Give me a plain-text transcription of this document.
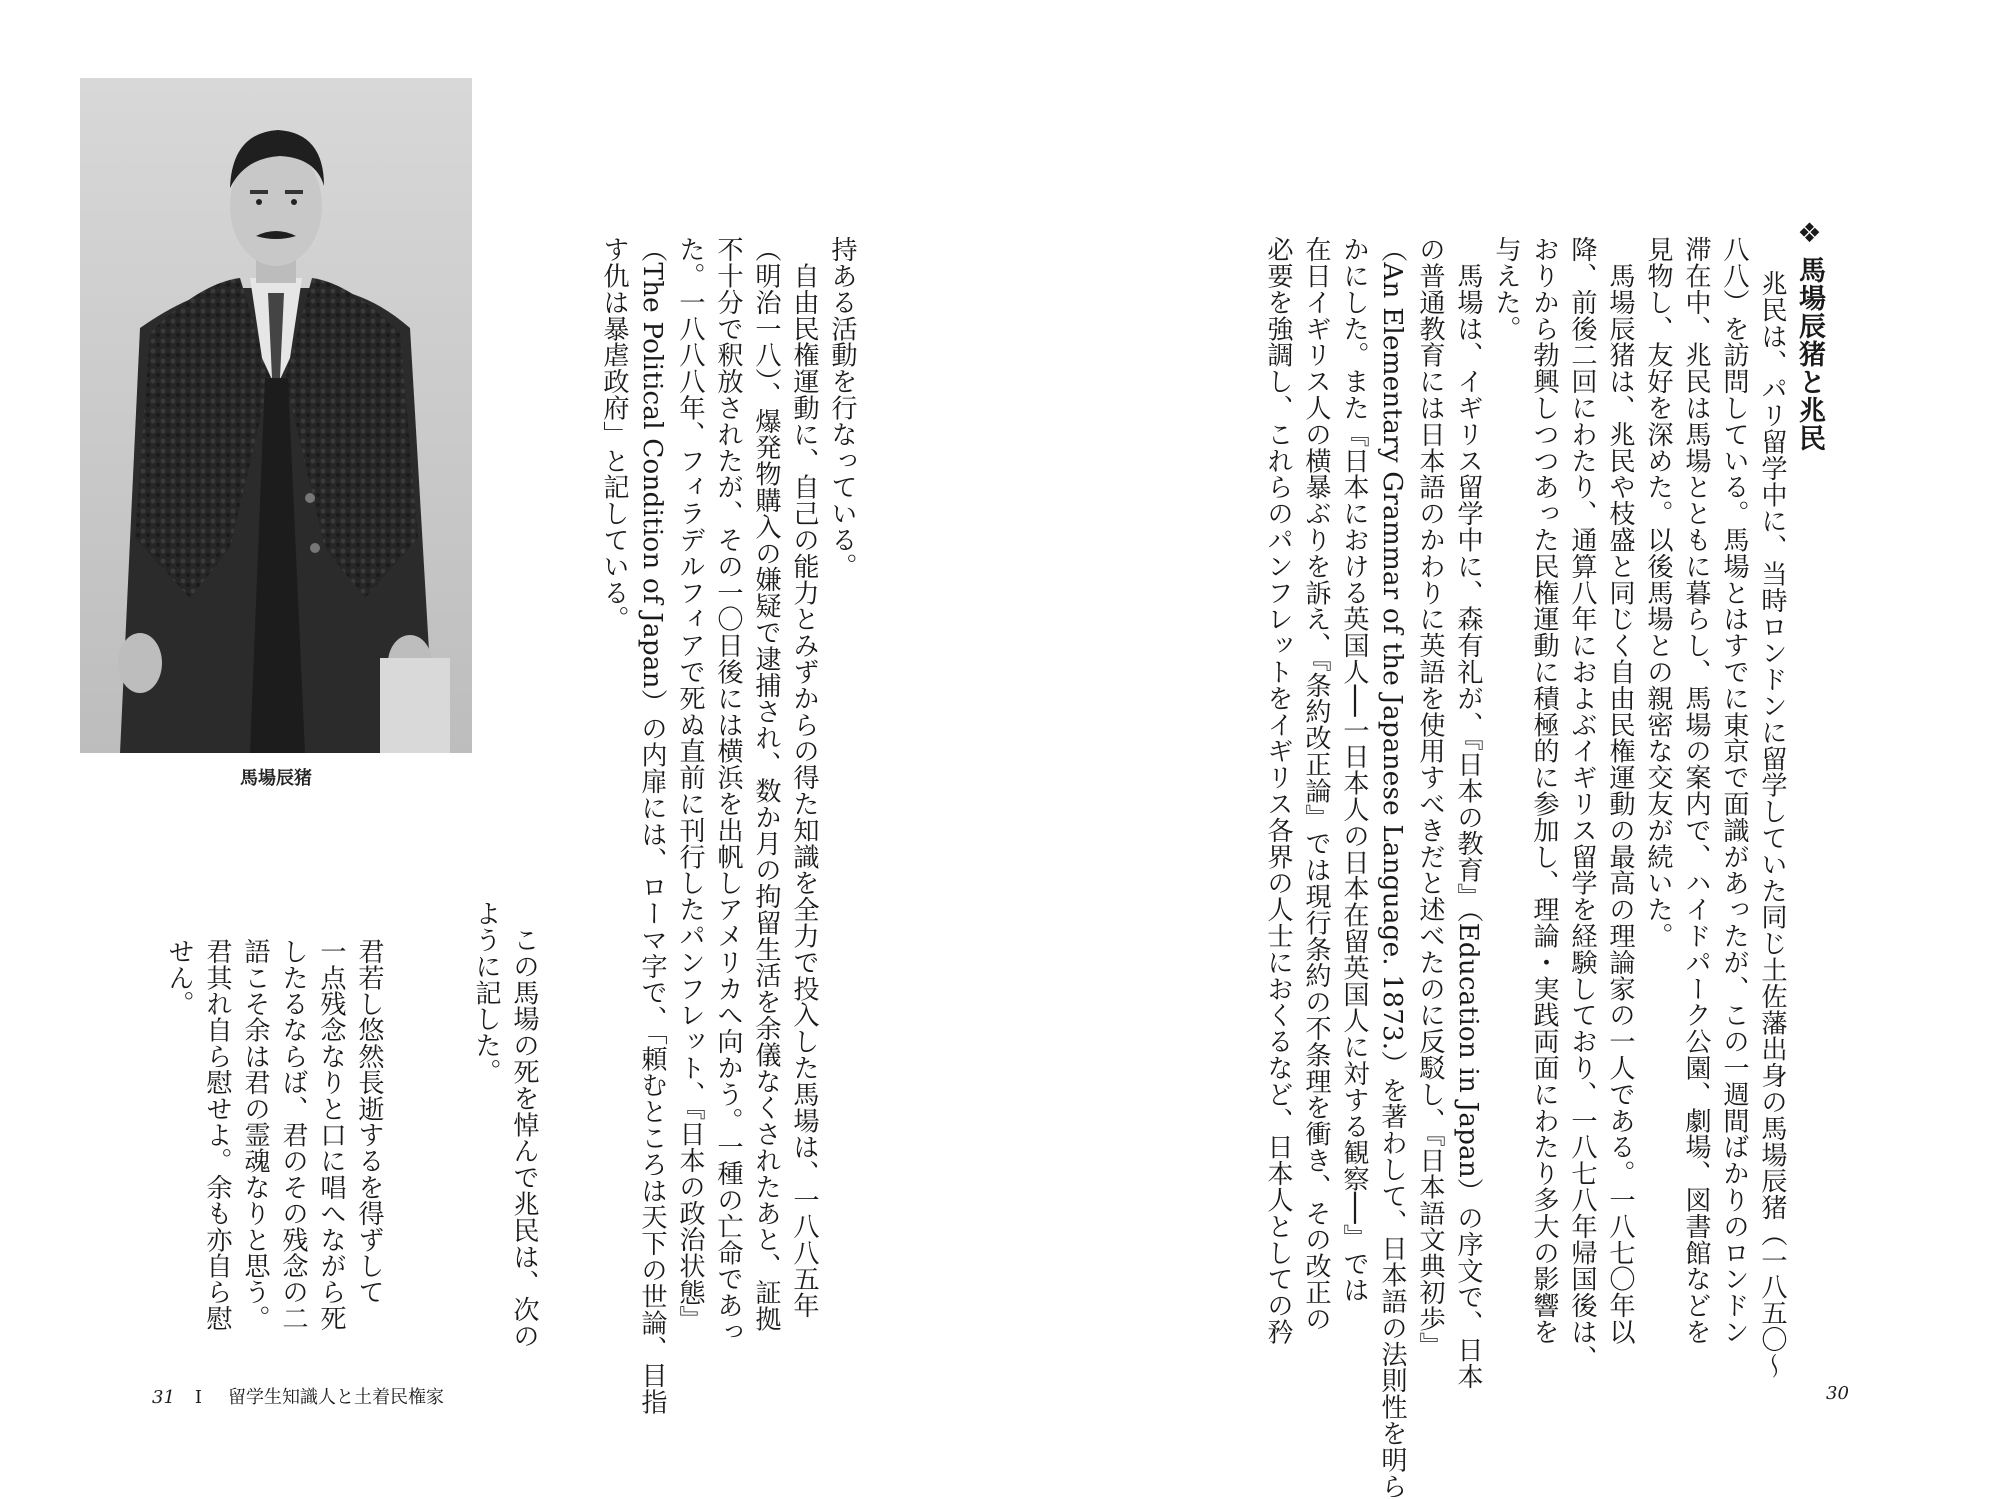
❖馬場辰猪と兆民
兆民は、パリ留学中に、当時ロンドンに留学していた同じ土佐藩出身の馬場辰猪（一八五〇〜
八八）を訪問している。馬場とはすでに東京で面識があったが、この一週間ばかりのロンドン
滞在中、兆民は馬場とともに暮らし、馬場の案内で、ハイドパーク公園、劇場、図書館などを
見物し、友好を深めた。以後馬場との親密な交友が続いた。
　馬場辰猪は、兆民や枝盛と同じく自由民権運動の最高の理論家の一人である。一八七〇年以
降、前後二回にわたり、通算八年におよぶイギリス留学を経験しており、一八七八年帰国後は、
おりから勃興しつつあった民権運動に積極的に参加し、理論・実践両面にわたり多大の影響を
与えた。
　馬場は、イギリス留学中に、森有礼が、『日本の教育』（Education in Japan）の序文で、日本
の普通教育には日本語のかわりに英語を使用すべきだと述べたのに反駁し、『日本語文典初歩』
（An Elementary Grammar of the Japanese Language. 1873.）を著わして、日本語の法則性を明ら
かにした。また『日本における英国人──一日本人の日本在留英国人に対する観察──』では
在日イギリス人の横暴ぶりを訴え、『条約改正論』では現行条約の不条理を衝き、その改正の
必要を強調し、これらのパンフレットをイギリス各界の人士におくるなど、日本人としての矜
持ある活動を行なっている。
　自由民権運動に、自己の能力とみずからの得た知識を全力で投入した馬場は、一八八五年
（明治一八）、爆発物購入の嫌疑で逮捕され、数か月の拘留生活を余儀なくされたあと、証拠
不十分で釈放されたが、その一〇日後には横浜を出帆しアメリカへ向かう。一種の亡命であっ
た。一八八八年、フィラデルフィアで死ぬ直前に刊行したパンフレット、『日本の政治状態』
（The Political Condition of Japan）の内扉には、ローマ字で、「頼むところは天下の世論、目指
す仇は暴虐政府」と記している。
　この馬場の死を悼んで兆民は、次の
ように記した。
馬場辰猪
君若し悠然長逝するを得ずして
一点残念なりと口に唱へながら死
したるならば、君のその残念の二
語こそ余は君の霊魂なりと思う。
君其れ自ら慰せよ。余も亦自ら慰
せん。
31 Ⅰ 留学生知識人と土着民権家	30
